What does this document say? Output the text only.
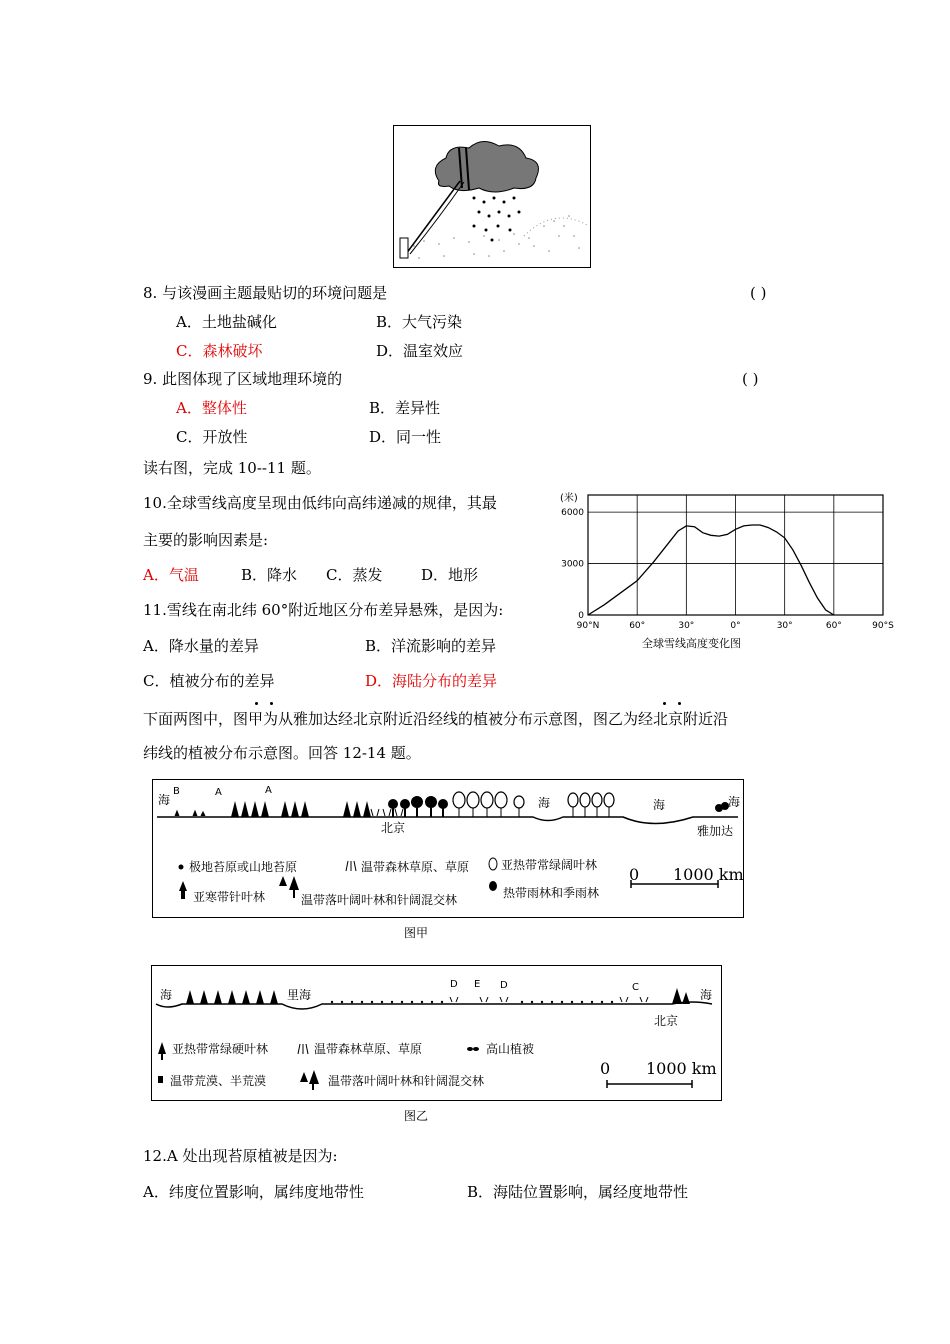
8. 与该漫画主题最贴切的环境问题是	( )
A．土地盐碱化	B．大气污染
C．森林破坏	D．温室效应
9. 此图体现了区域地理环境的	( )
A．整体性	B．差异性
C．开放性	D．同一性
读右图，完成 10--11 题。
10.全球雪线高度呈现由低纬向高纬递减的规律，其最
主要的影响因素是:
A．气温	B．降水 C．蒸发	D．地形
(米)
0
3000
6000
90°N	60°	30°	0°	30°	60°	90°S
全球雪线高度变化图
11.雪线在南北纬 60°附近地区分布差异悬殊，是因为:
A．降水量的差异	B．洋流影响的差异
C．植被分布的差异	D．海陆分布的差异
下面两图中，图甲为从雅加达经北京附近沿经线的植被分布示意图，图乙为经北京附近沿
纬线的植被分布示意图。回答 12-14 题。
海
B	A	A
海	海	海
北京	雅加达
极地苔原或山地苔原	温带森林草原、草原	亚热带常绿阔叶林
亚寒带针叶林	温带落叶阔叶林和针阔混交林	热带雨林和季雨林
0 1000 km
图甲
海	里海
D E D	C
海
北京
亚热带常绿硬叶林	温带森林草原、草原	高山植被
温带荒漠、半荒漠	温带落叶阔叶林和针阔混交林
0 1000 km
图乙
12.A 处出现苔原植被是因为:
A．纬度位置影响，属纬度地带性	B．海陆位置影响，属经度地带性
